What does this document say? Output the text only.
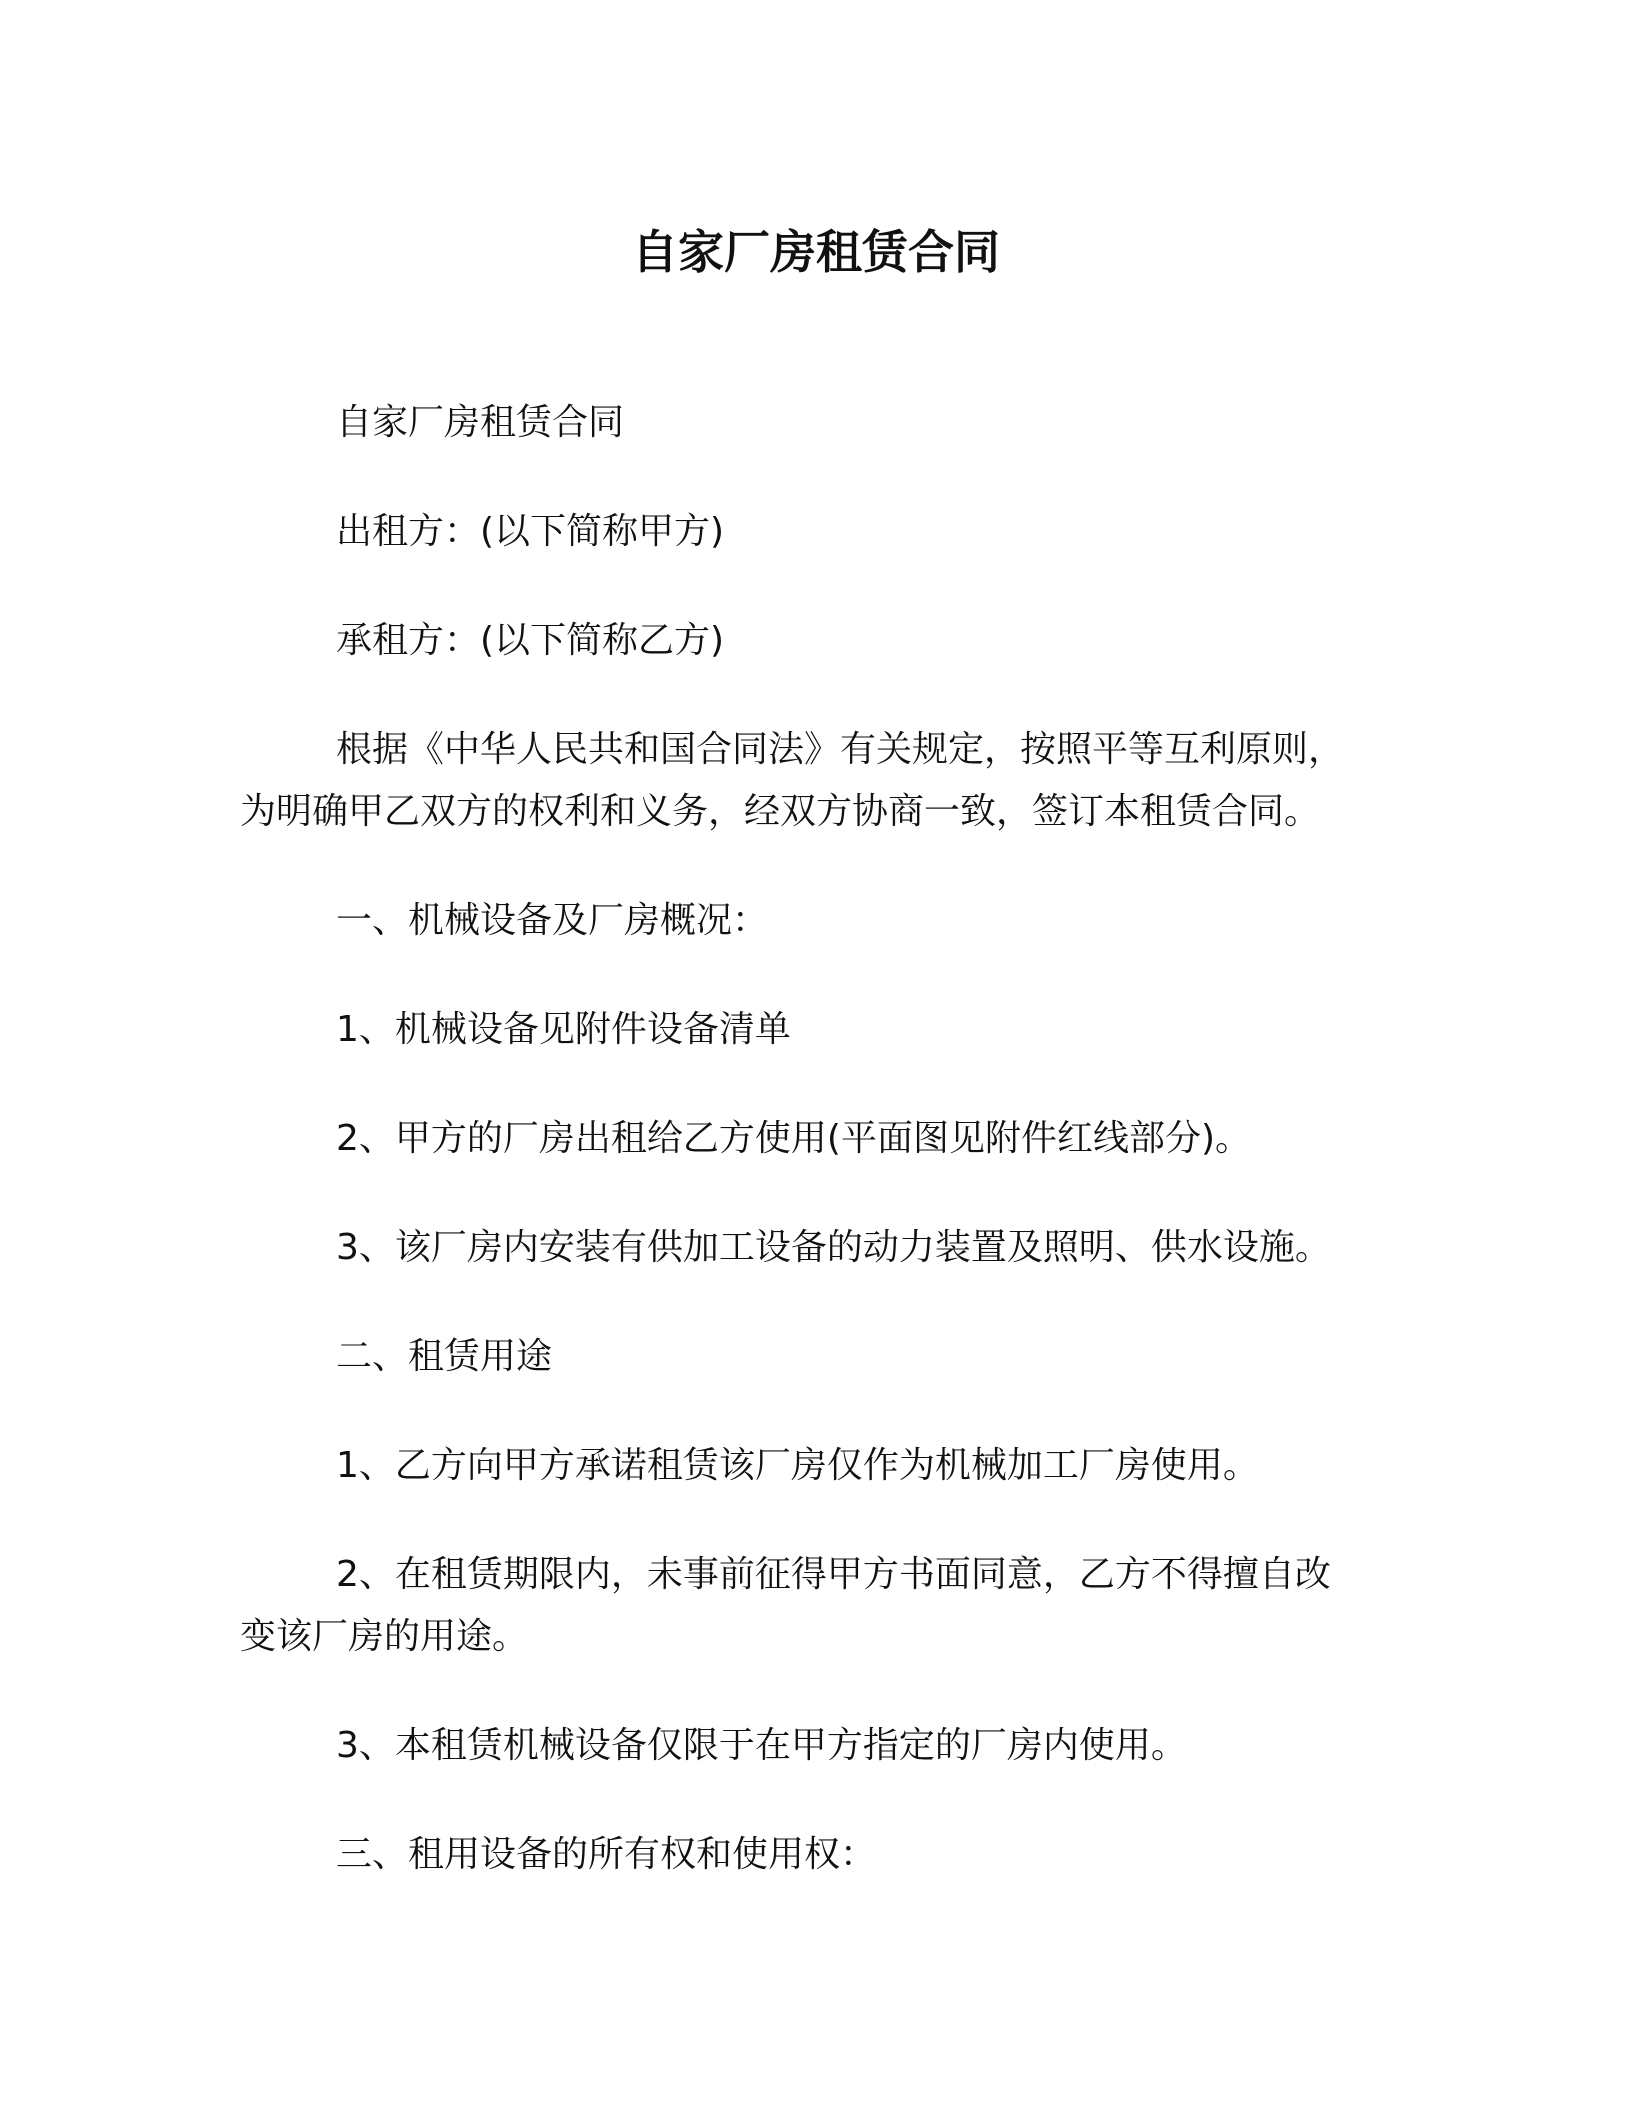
自家厂房租赁合同

自家厂房租赁合同

出租方：(以下简称甲方)

承租方：(以下简称乙方)

根据《中华人民共和国合同法》有关规定，按照平等互利原则，为明确甲乙双方的权利和义务，经双方协商一致，签订本租赁合同。

一、机械设备及厂房概况：

1、机械设备见附件设备清单

2、甲方的厂房出租给乙方使用(平面图见附件红线部分)。

3、该厂房内安装有供加工设备的动力装置及照明、供水设施。

二、租赁用途

1、乙方向甲方承诺租赁该厂房仅作为机械加工厂房使用。

2、在租赁期限内，未事前征得甲方书面同意，乙方不得擅自改变该厂房的用途。

3、本租赁机械设备仅限于在甲方指定的厂房内使用。

三、租用设备的所有权和使用权：
